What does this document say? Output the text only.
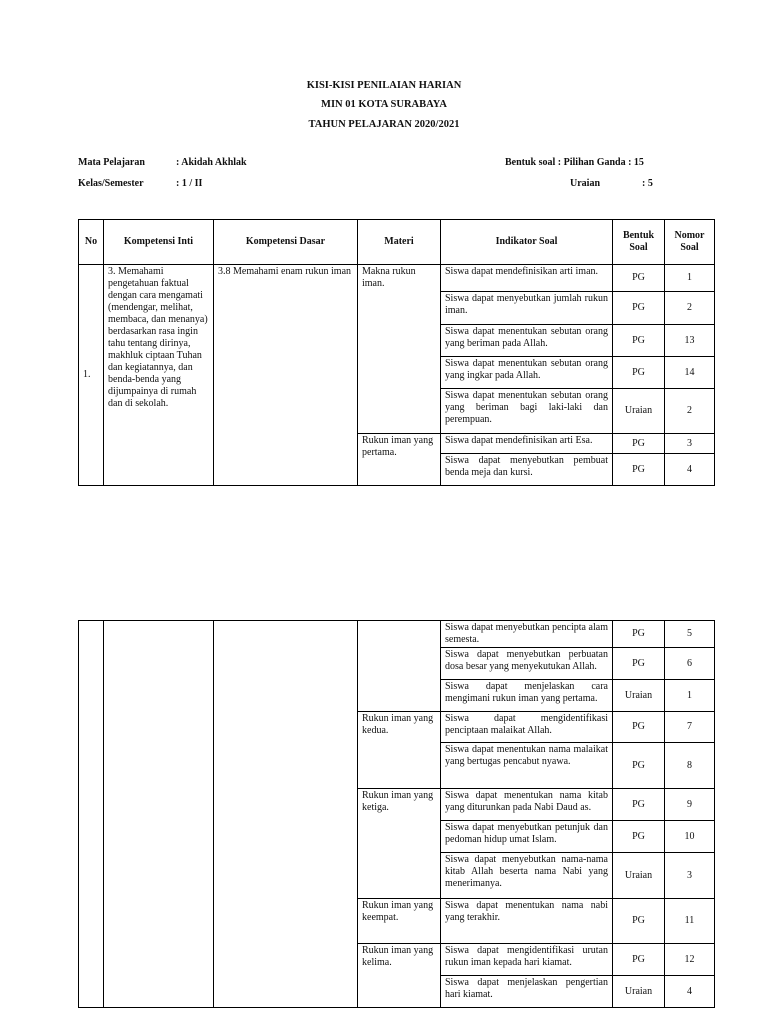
KISI-KISI PENILAIAN HARIAN
MIN 01 KOTA SURABAYA
TAHUN PELAJARAN 2020/2021
Mata Pelajaran	: Akidah Akhlak
Kelas/Semester	: 1 / II
Bentuk soal : Pilihan Ganda : 15
Uraian	: 5
No	Kompetensi Inti	Kompetensi Dasar	Materi	Indikator Soal	Bentuk Soal	Nomor Soal
1.	3. Memahami pengetahuan faktual dengan cara mengamati (mendengar, melihat, membaca, dan menanya) berdasarkan rasa ingin tahu tentang dirinya, makhluk ciptaan Tuhan dan kegiatannya, dan benda-benda yang dijumpainya di rumah dan di sekolah.	3.8 Memahami enam rukun iman	Makna rukun iman.	Siswa dapat mendefinisikan arti iman.	PG	1
				Siswa dapat menyebutkan jumlah rukun iman.	PG	2
				Siswa dapat menentukan sebutan orang yang beriman pada Allah.	PG	13
				Siswa dapat menentukan sebutan orang yang ingkar pada Allah.	PG	14
				Siswa dapat menentukan sebutan orang yang beriman bagi laki-laki dan perempuan.	Uraian	2
			Rukun iman yang pertama.	Siswa dapat mendefinisikan arti Esa.	PG	3
				Siswa dapat menyebutkan pembuat benda meja dan kursi.	PG	4
				Siswa dapat menyebutkan pencipta alam semesta.	PG	5
				Siswa dapat menyebutkan perbuatan dosa besar yang menyekutukan Allah.	PG	6
				Siswa dapat menjelaskan cara mengimani rukun iman yang pertama.	Uraian	1
			Rukun iman yang kedua.	Siswa dapat mengidentifikasi penciptaan malaikat Allah.	PG	7
				Siswa dapat menentukan nama malaikat yang bertugas pencabut nyawa.	PG	8
			Rukun iman yang ketiga.	Siswa dapat menentukan nama kitab yang diturunkan pada Nabi Daud as.	PG	9
				Siswa dapat menyebutkan petunjuk dan pedoman hidup umat Islam.	PG	10
				Siswa dapat menyebutkan nama-nama kitab Allah beserta nama Nabi yang menerimanya.	Uraian	3
			Rukun iman yang keempat.	Siswa dapat menentukan nama nabi yang terakhir.	PG	11
			Rukun iman yang kelima.	Siswa dapat mengidentifikasi urutan rukun iman kepada hari kiamat.	PG	12
				Siswa dapat menjelaskan pengertian hari kiamat.	Uraian	4
